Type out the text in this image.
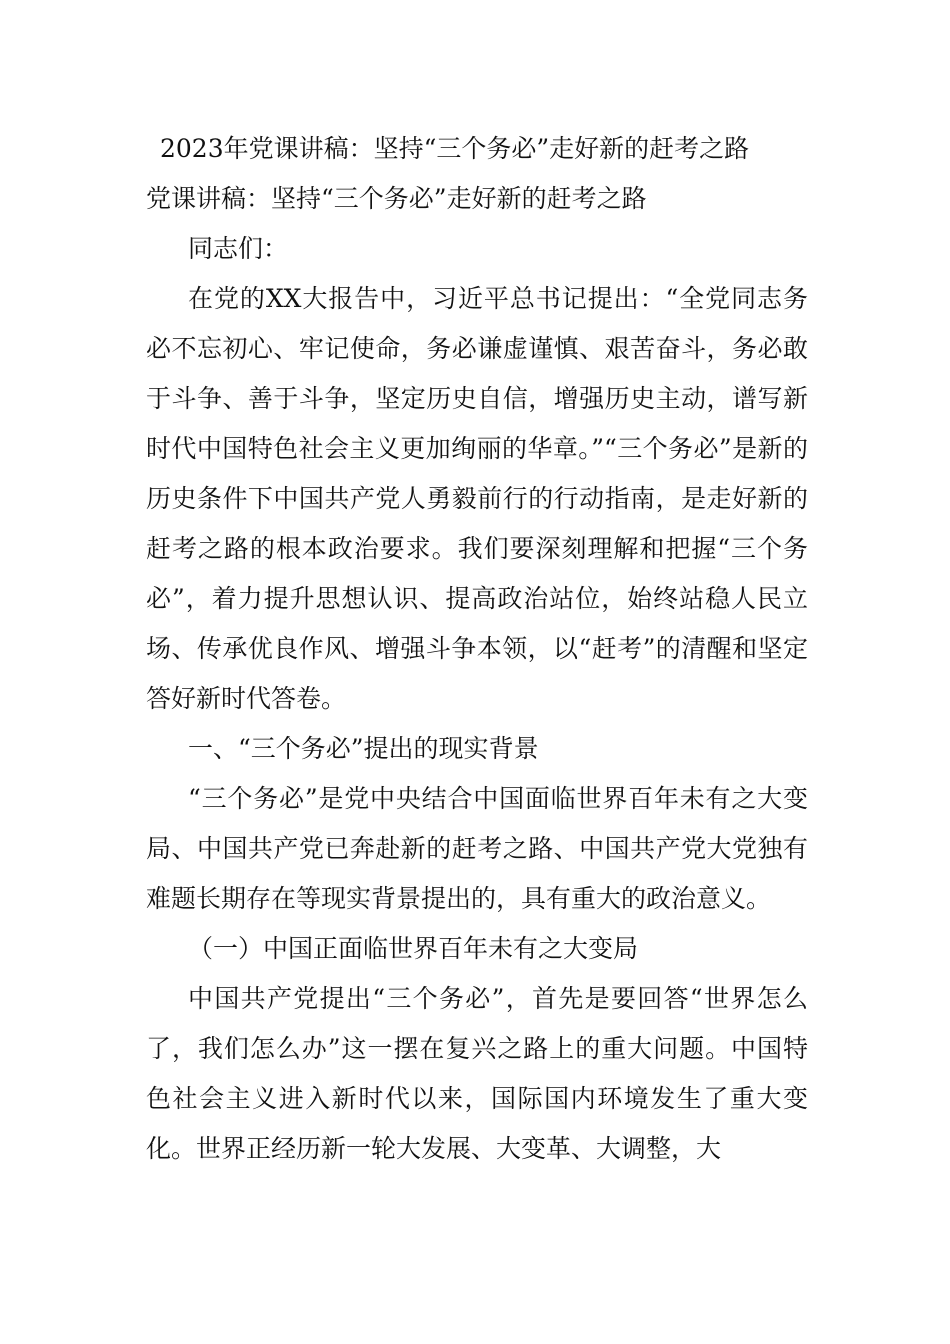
2023年党课讲稿：坚持“三个务必”走好新的赶考之路

党课讲稿：坚持“三个务必”走好新的赶考之路

同志们：

在党的XX大报告中，习近平总书记提出：“全党同志务必不忘初心、牢记使命，务必谦虚谨慎、艰苦奋斗，务必敢于斗争、善于斗争，坚定历史自信，增强历史主动，谱写新时代中国特色社会主义更加绚丽的华章。”“三个务必”是新的历史条件下中国共产党人勇毅前行的行动指南，是走好新的赶考之路的根本政治要求。我们要深刻理解和把握“三个务必”，着力提升思想认识、提高政治站位，始终站稳人民立场、传承优良作风、增强斗争本领，以“赶考”的清醒和坚定答好新时代答卷。

一、“三个务必”提出的现实背景

“三个务必”是党中央结合中国面临世界百年未有之大变局、中国共产党已奔赴新的赶考之路、中国共产党大党独有难题长期存在等现实背景提出的，具有重大的政治意义。

（一）中国正面临世界百年未有之大变局

中国共产党提出“三个务必”，首先是要回答“世界怎么了，我们怎么办”这一摆在复兴之路上的重大问题。中国特色社会主义进入新时代以来，国际国内环境发生了重大变化。世界正经历新一轮大发展、大变革、大调整，大
